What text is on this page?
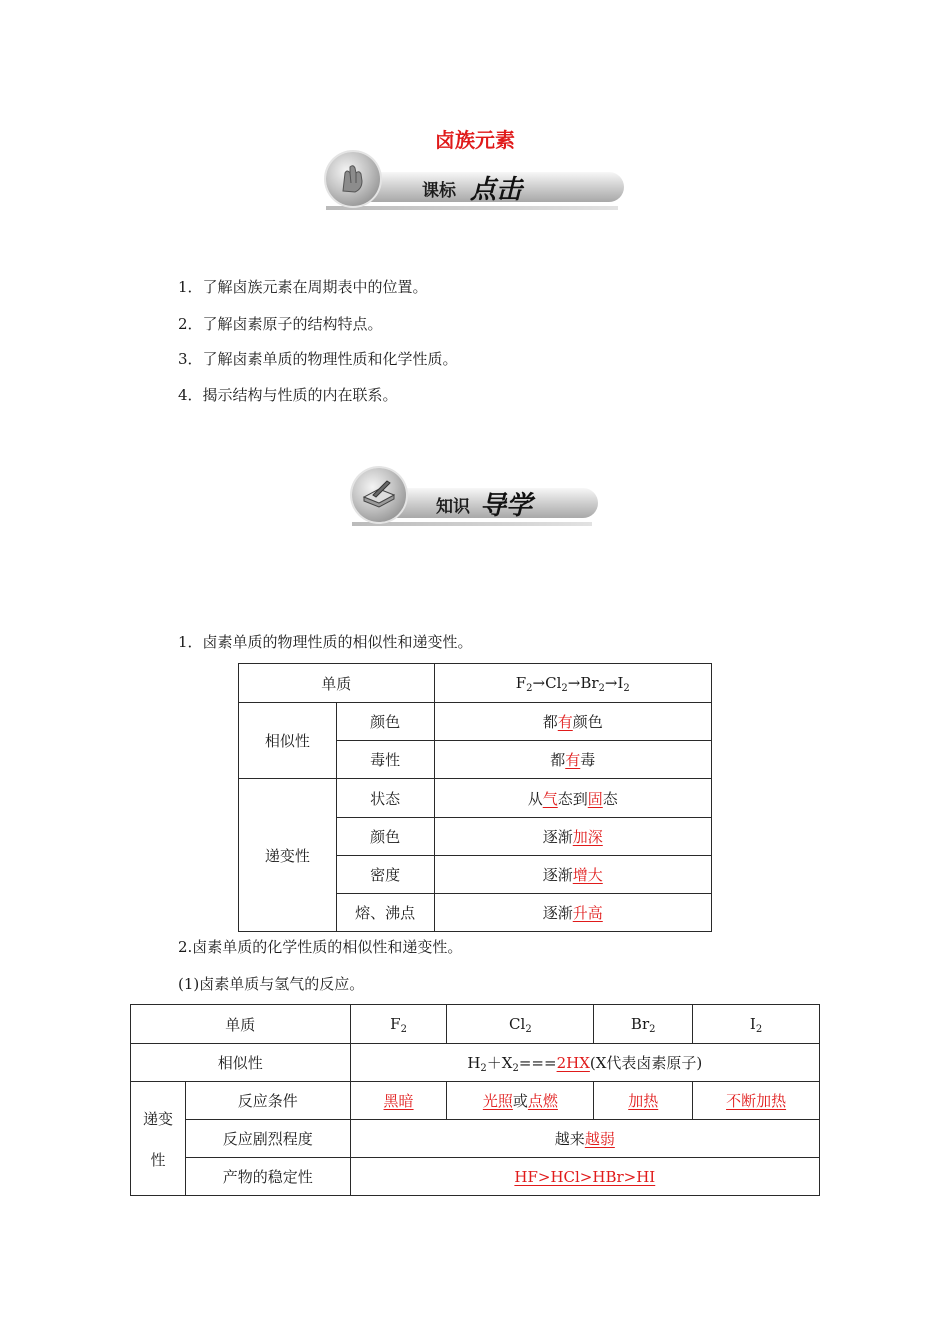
卤族元素
课标 点击
1．了解卤族元素在周期表中的位置。
2．了解卤素原子的结构特点。
3．了解卤素单质的物理性质和化学性质。
4．揭示结构与性质的内在联系。
知识 导学
1．卤素单质的物理性质的相似性和递变性。
单质		$F_2\to Cl_2\to Br_2\to I_2$
相似性	颜色	都有颜色
	毒性	都有毒
递变性	状态	从气态到固态
	颜色	逐渐加深
	密度	逐渐增大
	熔、沸点	逐渐升高
2.卤素单质的化学性质的相似性和递变性。
(1)卤素单质与氢气的反应。
单质		$F_2$	$Cl_2$	$Br_2$	$I_2$
相似性		$H_2+X_2===2HX(X$代表卤素原子)			

递变
性	反应条件	黑暗	光照或点燃	加热	不断加热
	反应剧烈程度	越来越弱			
	产物的稳定性	HF>HCl>HBr>HI			
